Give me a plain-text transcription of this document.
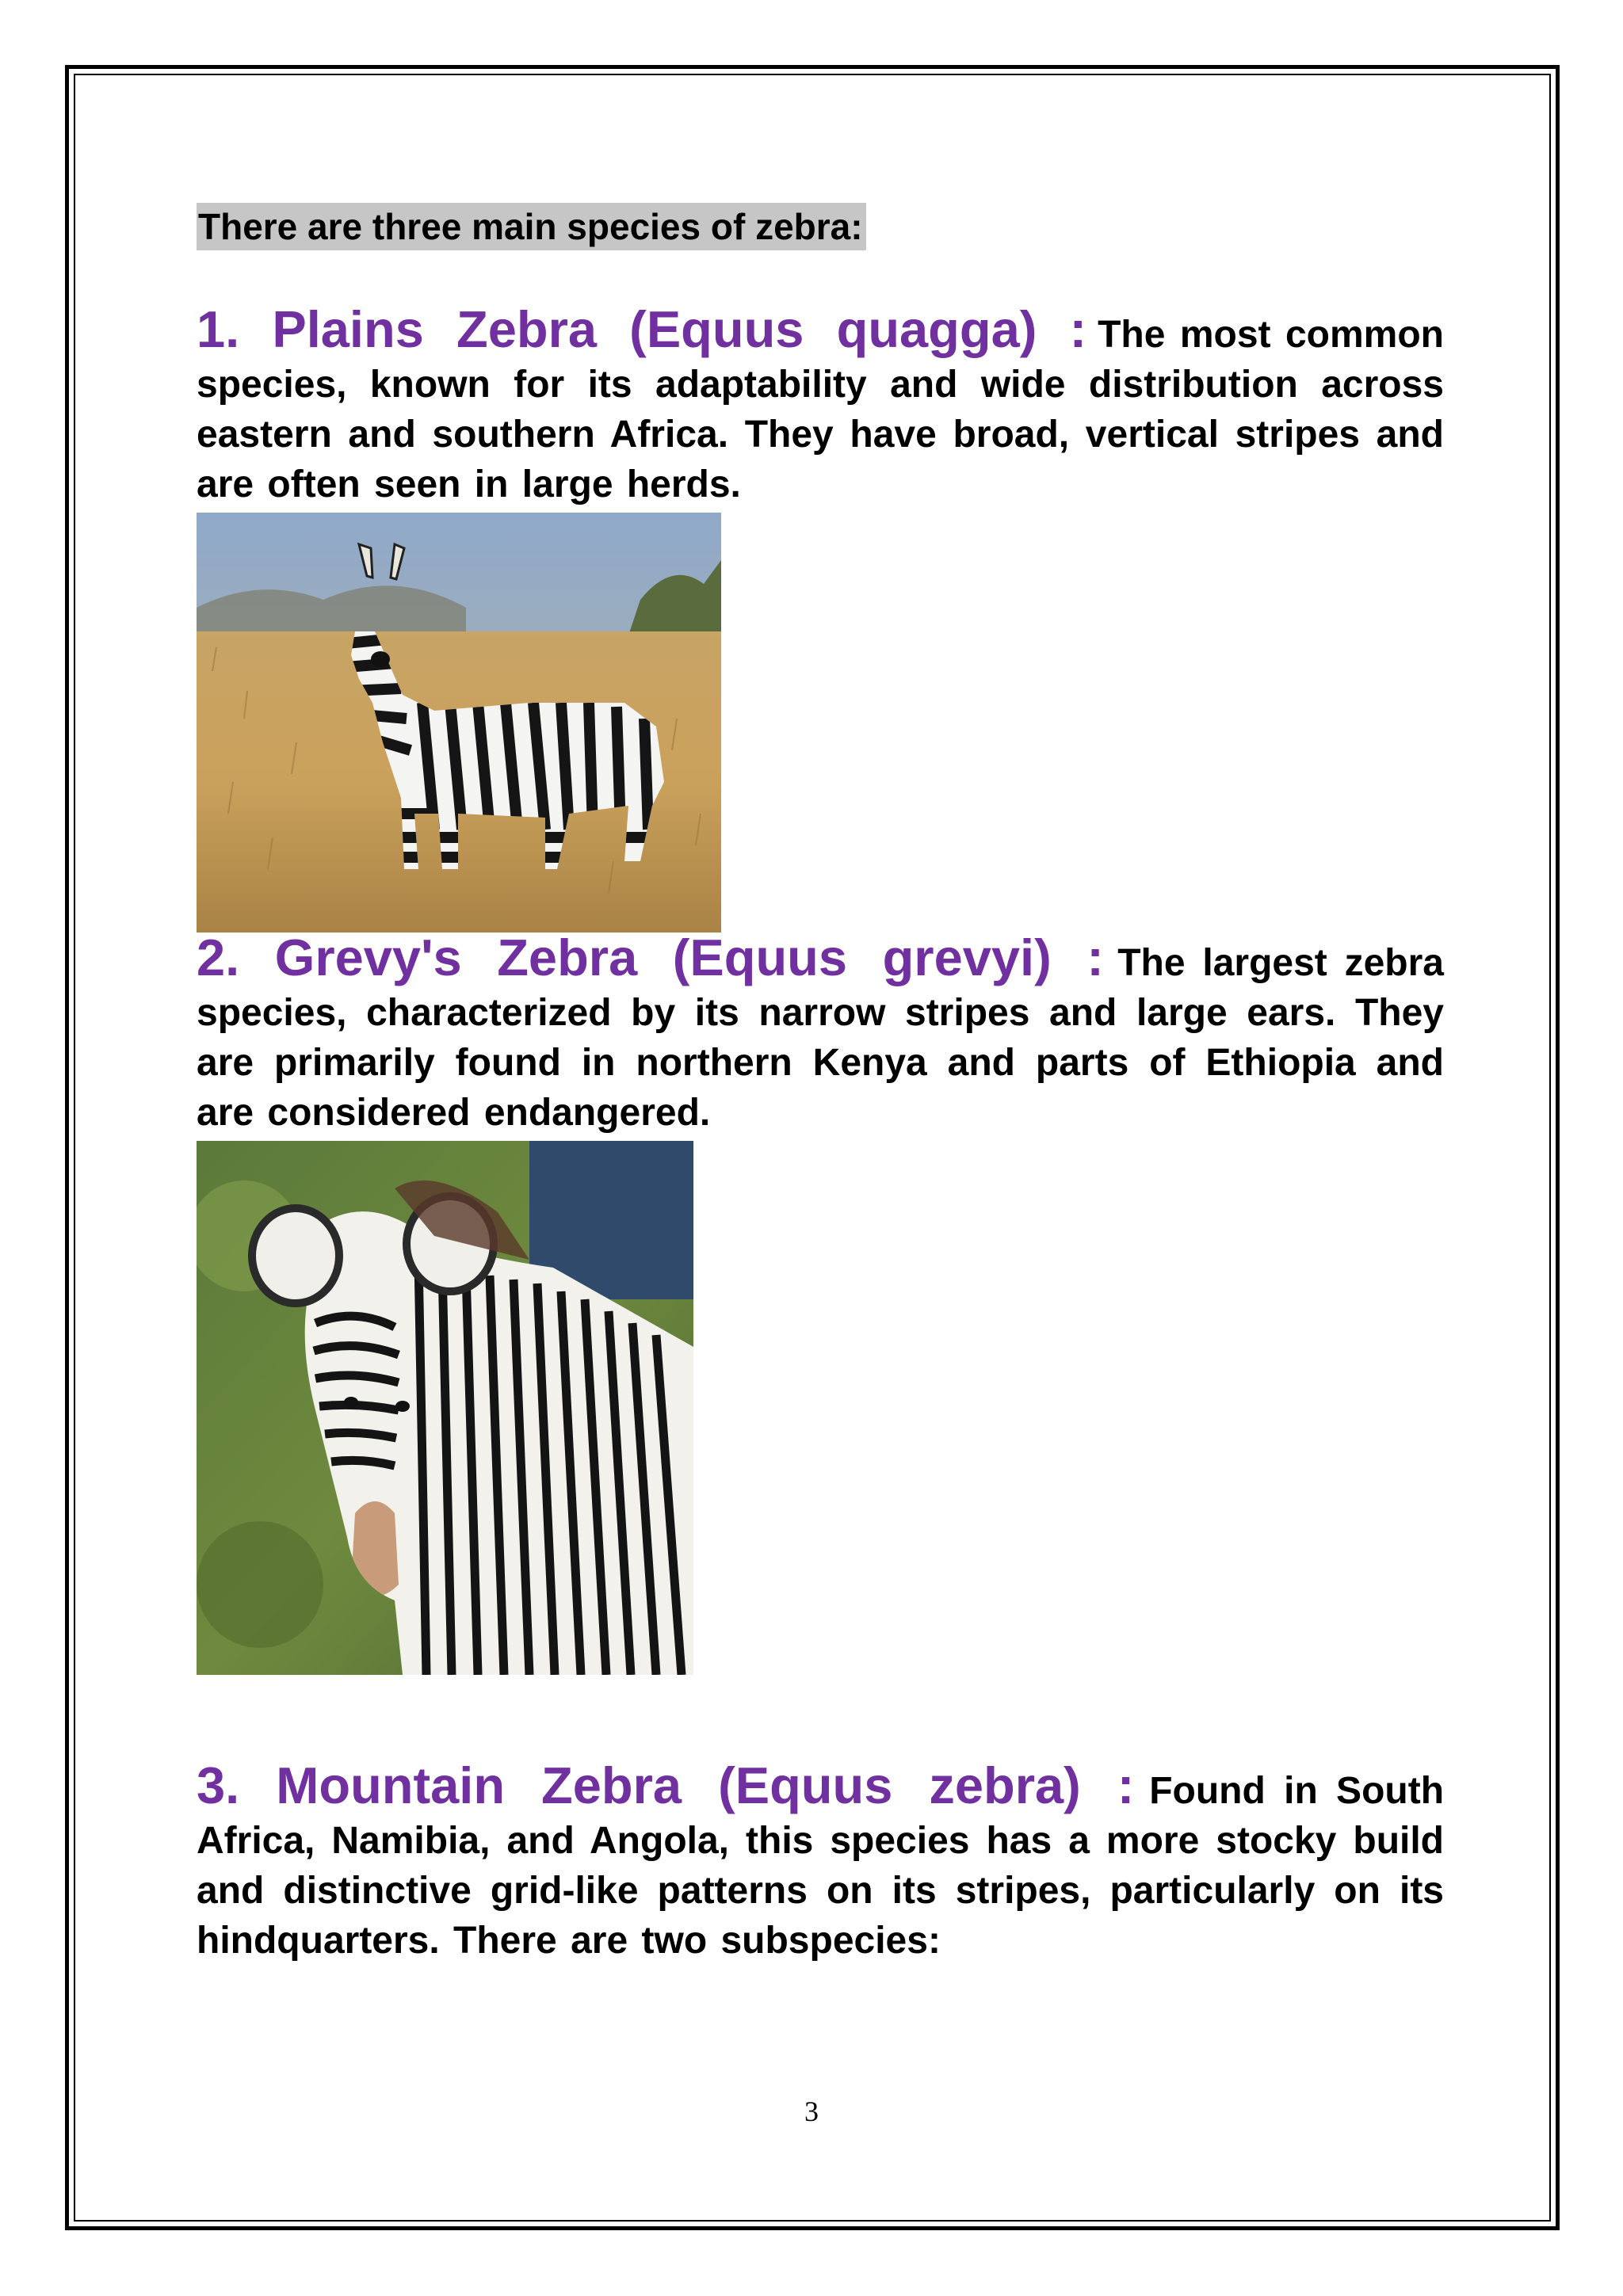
There are three main species of zebra:

1. Plains Zebra (Equus quagga) : The most common species, known for its adaptability and wide distribution across eastern and southern Africa. They have broad, vertical stripes and are often seen in large herds.

2. Grevy's Zebra (Equus grevyi) : The largest zebra species, characterized by its narrow stripes and large ears. They are primarily found in northern Kenya and parts of Ethiopia and are considered endangered.

3. Mountain Zebra (Equus zebra) : Found in South Africa, Namibia, and Angola, this species has a more stocky build and distinctive grid-like patterns on its stripes, particularly on its hindquarters. There are two subspecies:

3
